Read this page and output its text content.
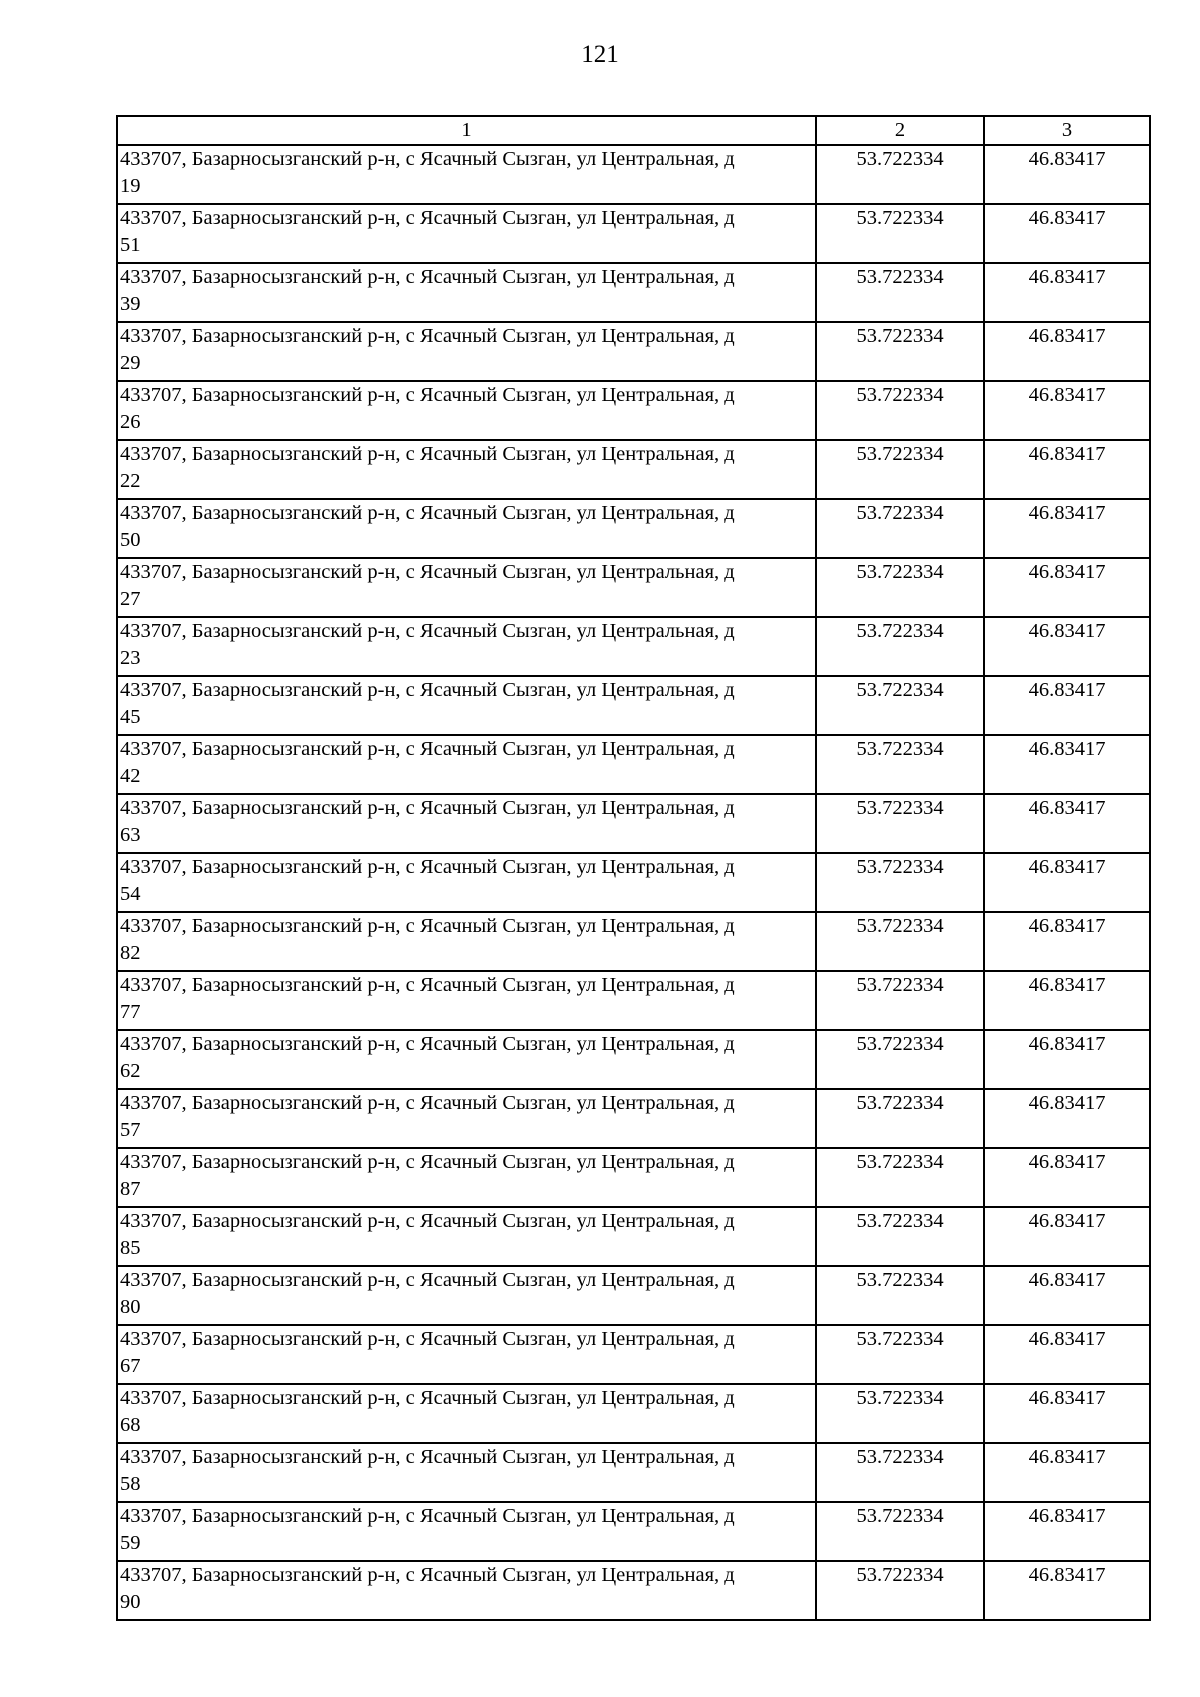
121
1	2	3

433707, Базарносызганский р-н, с Ясачный Сызган, ул Центральная, д
19	53.722334	46.83417

433707, Базарносызганский р-н, с Ясачный Сызган, ул Центральная, д
51	53.722334	46.83417

433707, Базарносызганский р-н, с Ясачный Сызган, ул Центральная, д
39	53.722334	46.83417

433707, Базарносызганский р-н, с Ясачный Сызган, ул Центральная, д
29	53.722334	46.83417

433707, Базарносызганский р-н, с Ясачный Сызган, ул Центральная, д
26	53.722334	46.83417

433707, Базарносызганский р-н, с Ясачный Сызган, ул Центральная, д
22	53.722334	46.83417

433707, Базарносызганский р-н, с Ясачный Сызган, ул Центральная, д
50	53.722334	46.83417

433707, Базарносызганский р-н, с Ясачный Сызган, ул Центральная, д
27	53.722334	46.83417

433707, Базарносызганский р-н, с Ясачный Сызган, ул Центральная, д
23	53.722334	46.83417

433707, Базарносызганский р-н, с Ясачный Сызган, ул Центральная, д
45	53.722334	46.83417

433707, Базарносызганский р-н, с Ясачный Сызган, ул Центральная, д
42	53.722334	46.83417

433707, Базарносызганский р-н, с Ясачный Сызган, ул Центральная, д
63	53.722334	46.83417

433707, Базарносызганский р-н, с Ясачный Сызган, ул Центральная, д
54	53.722334	46.83417

433707, Базарносызганский р-н, с Ясачный Сызган, ул Центральная, д
82	53.722334	46.83417

433707, Базарносызганский р-н, с Ясачный Сызган, ул Центральная, д
77	53.722334	46.83417

433707, Базарносызганский р-н, с Ясачный Сызган, ул Центральная, д
62	53.722334	46.83417

433707, Базарносызганский р-н, с Ясачный Сызган, ул Центральная, д
57	53.722334	46.83417

433707, Базарносызганский р-н, с Ясачный Сызган, ул Центральная, д
87	53.722334	46.83417

433707, Базарносызганский р-н, с Ясачный Сызган, ул Центральная, д
85	53.722334	46.83417

433707, Базарносызганский р-н, с Ясачный Сызган, ул Центральная, д
80	53.722334	46.83417

433707, Базарносызганский р-н, с Ясачный Сызган, ул Центральная, д
67	53.722334	46.83417

433707, Базарносызганский р-н, с Ясачный Сызган, ул Центральная, д
68	53.722334	46.83417

433707, Базарносызганский р-н, с Ясачный Сызган, ул Центральная, д
58	53.722334	46.83417

433707, Базарносызганский р-н, с Ясачный Сызган, ул Центральная, д
59	53.722334	46.83417

433707, Базарносызганский р-н, с Ясачный Сызган, ул Центральная, д
90	53.722334	46.83417
